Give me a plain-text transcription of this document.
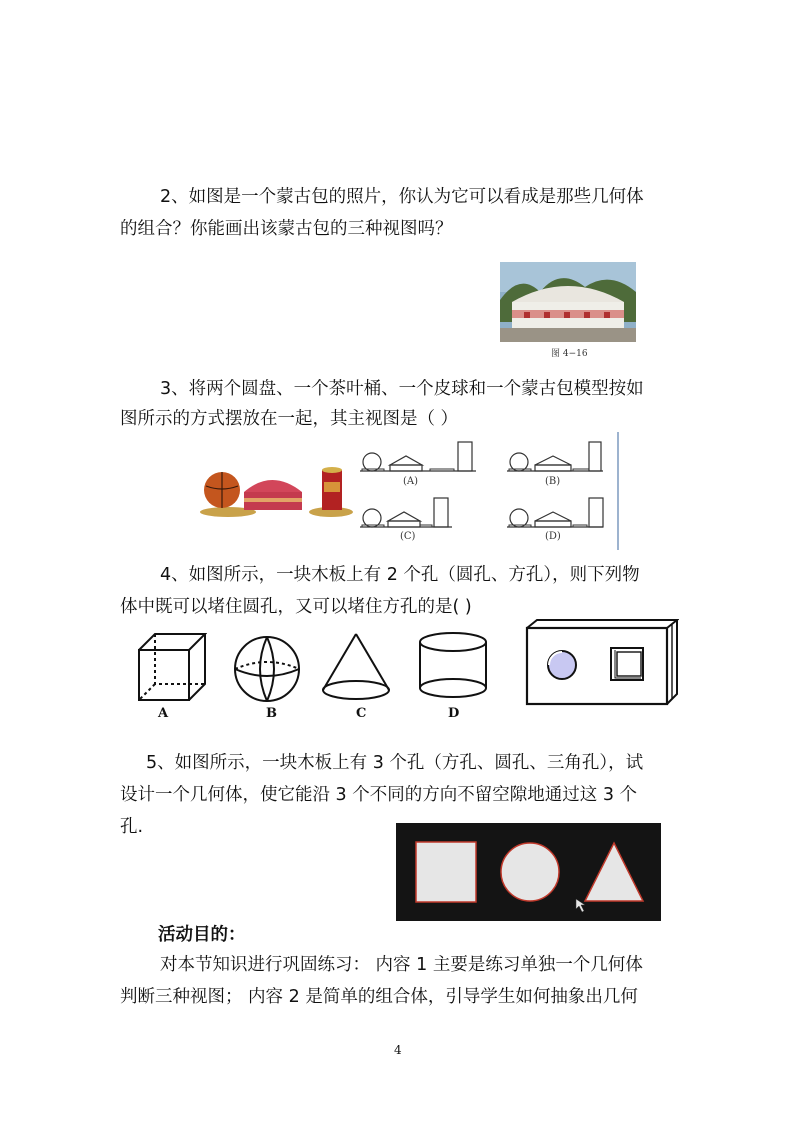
2、如图是一个蒙古包的照片，你认为它可以看成是那些几何体
的组合？你能画出该蒙古包的三种视图吗？
图 4−16
3、将两个圆盘、一个茶叶桶、一个皮球和一个蒙古包模型按如
图所示的方式摆放在一起，其主视图是（ ）
(A)	(B)
(C)	(D)
4、如图所示，一块木板上有 2 个孔（圆孔、方孔），则下列物
体中既可以堵住圆孔，又可以堵住方孔的是( )
A	B	C	D
5、如图所示，一块木板上有 3 个孔（方孔、圆孔、三角孔），试
设计一个几何体，使它能沿 3 个不同的方向不留空隙地通过这 3 个
孔.
活动目的：
对本节知识进行巩固练习： 内容 1 主要是练习单独一个几何体
判断三种视图； 内容 2 是简单的组合体，引导学生如何抽象出几何
4
